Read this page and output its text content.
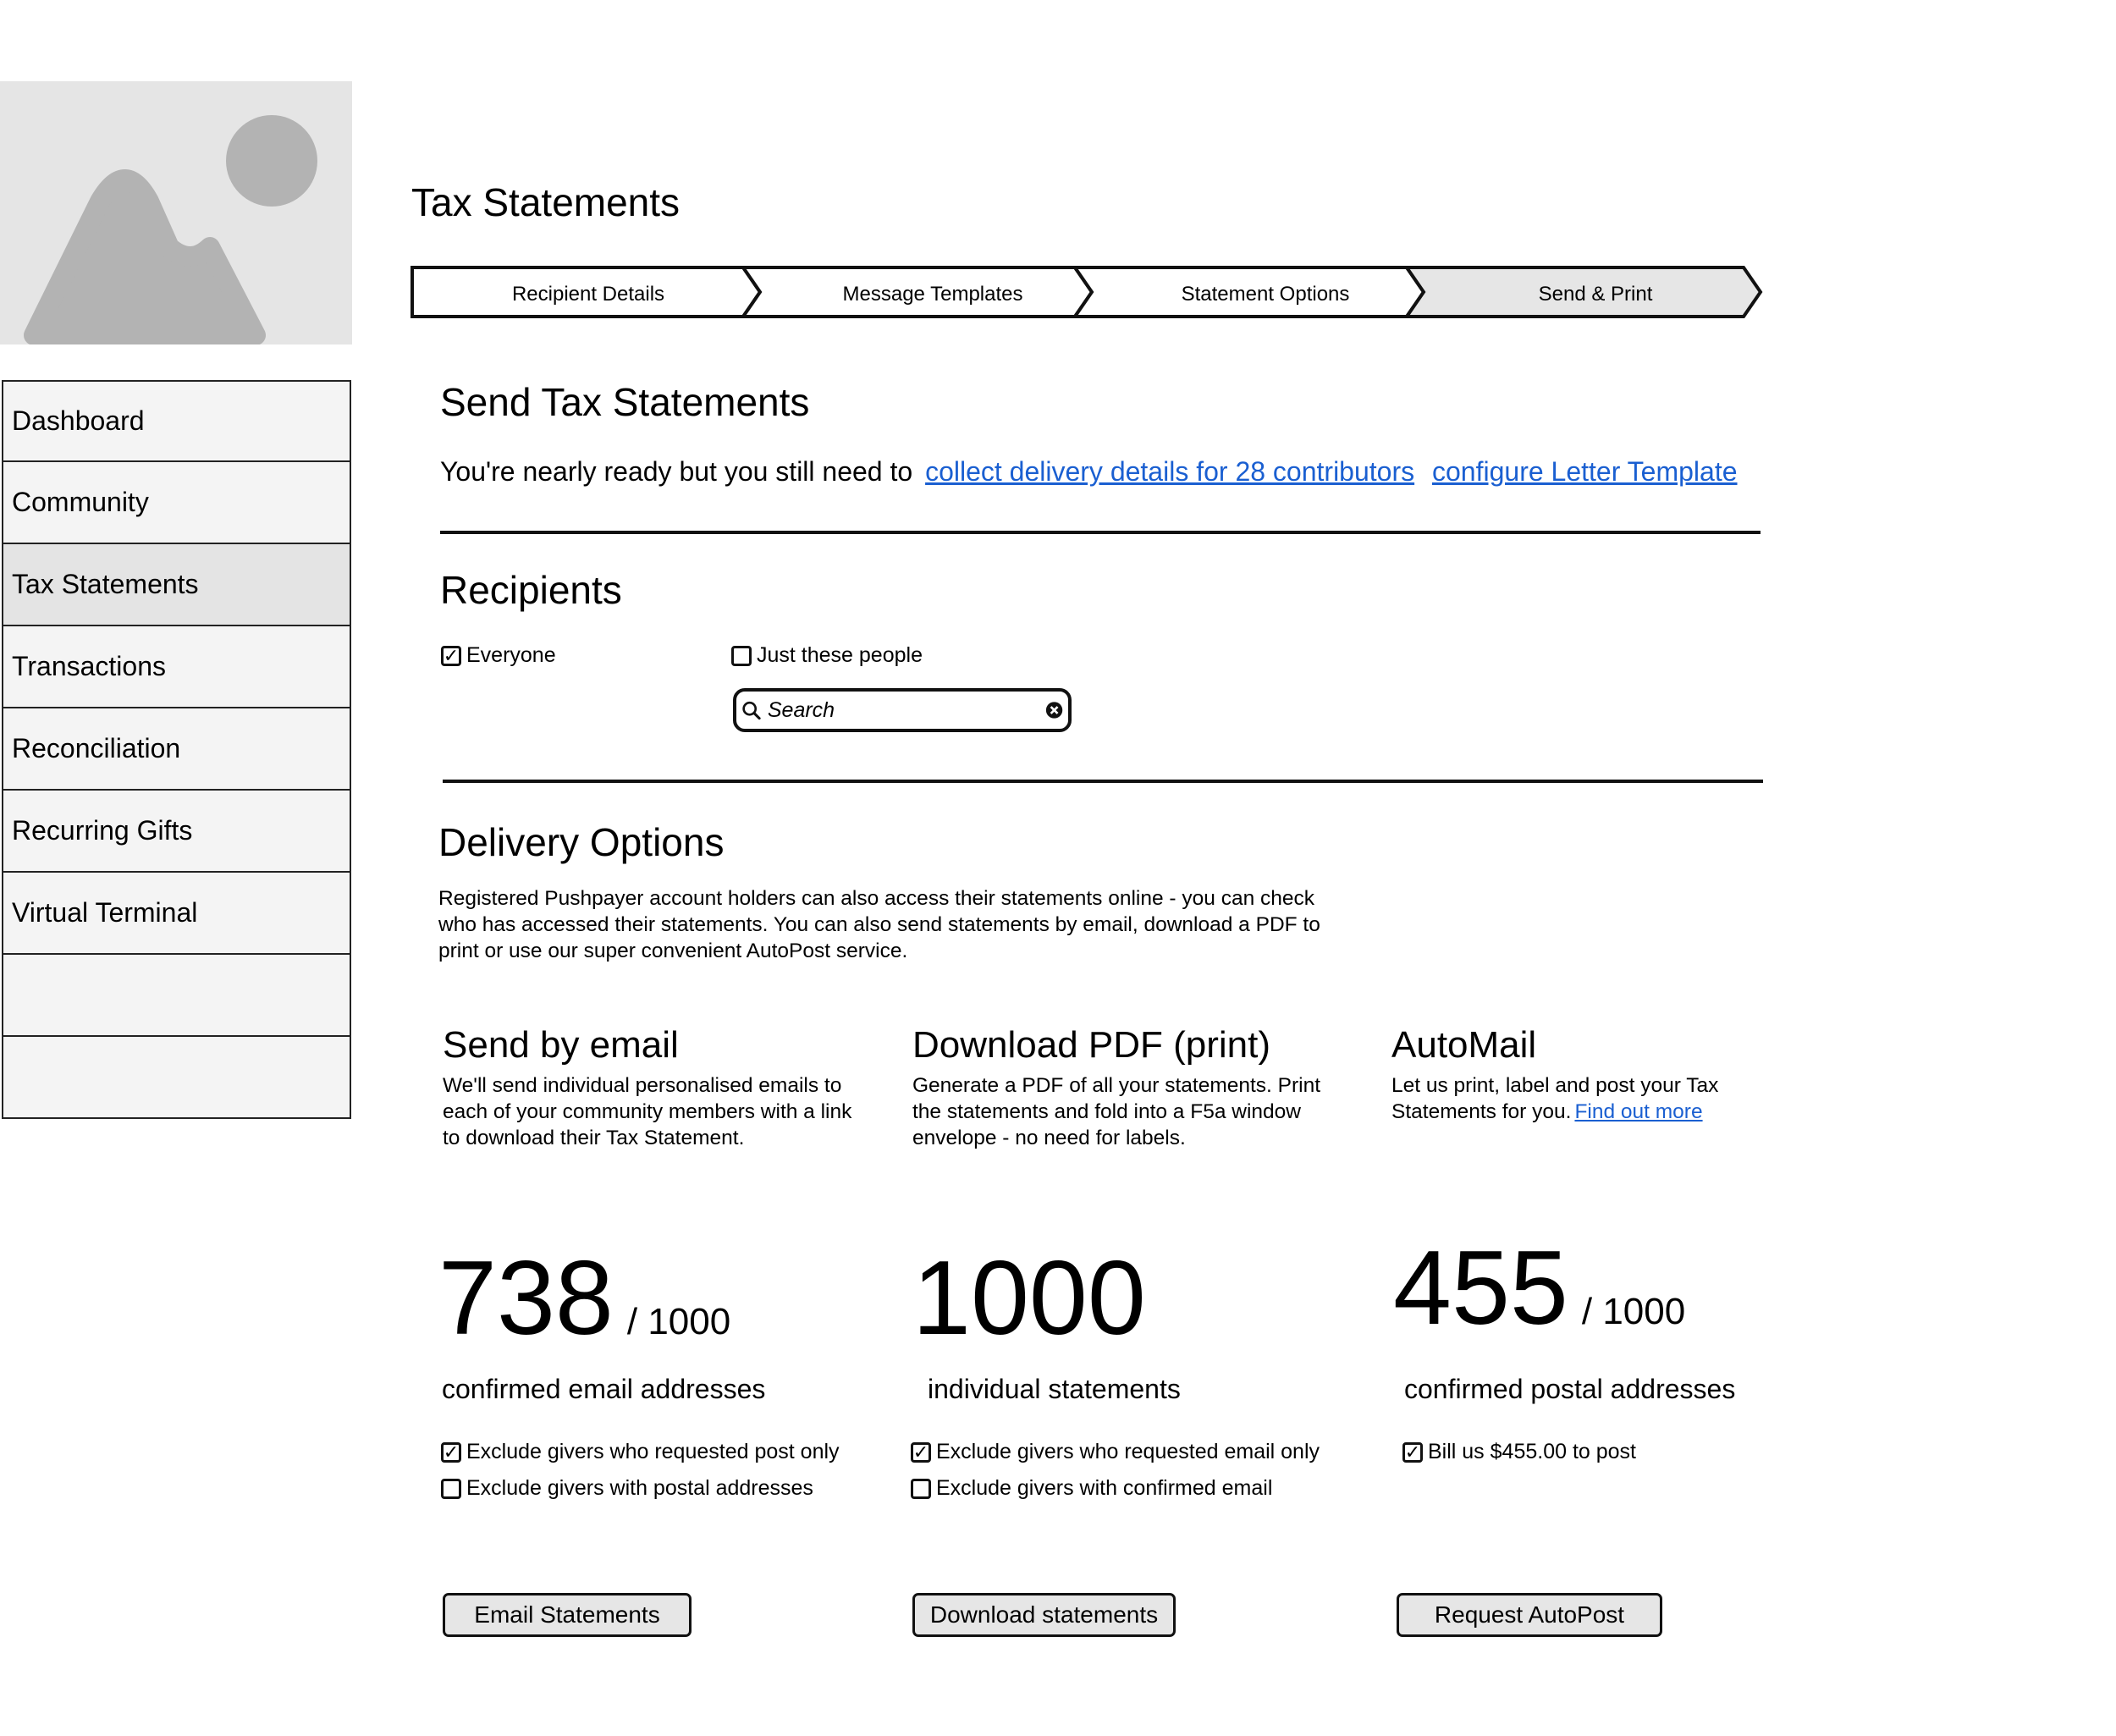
Dashboard
Community
Tax Statements
Transactions
Reconciliation
Recurring Gifts
Virtual Terminal
Tax Statements
Recipient Details	Message Templates	Statement Options	Send & Print
Send Tax Statements
You're nearly ready but you still need to collect delivery details for 28 contributors configure Letter Template
Recipients
✓ Everyone	Just these people
Search
Delivery Options
Registered Pushpayer account holders can also access their statements online - you can check who has accessed their statements. You can also send statements by email, download a PDF to print or use our super convenient AutoPost service.
Send by email
We'll send individual personalised emails to each of your community members with a link to download their Tax Statement.
738 / 1000
confirmed email addresses
✓ Exclude givers who requested post only
Exclude givers with postal addresses
Email Statements
Download PDF (print)
Generate a PDF of all your statements. Print the statements and fold into a F5a window envelope - no need for labels.
1000
individual statements
✓ Exclude givers who requested email only
Exclude givers with confirmed email
Download statements
AutoMail
Let us print, label and post your Tax Statements for you. Find out more
455 / 1000
confirmed postal addresses
✓ Bill us $455.00 to post
Request AutoPost
